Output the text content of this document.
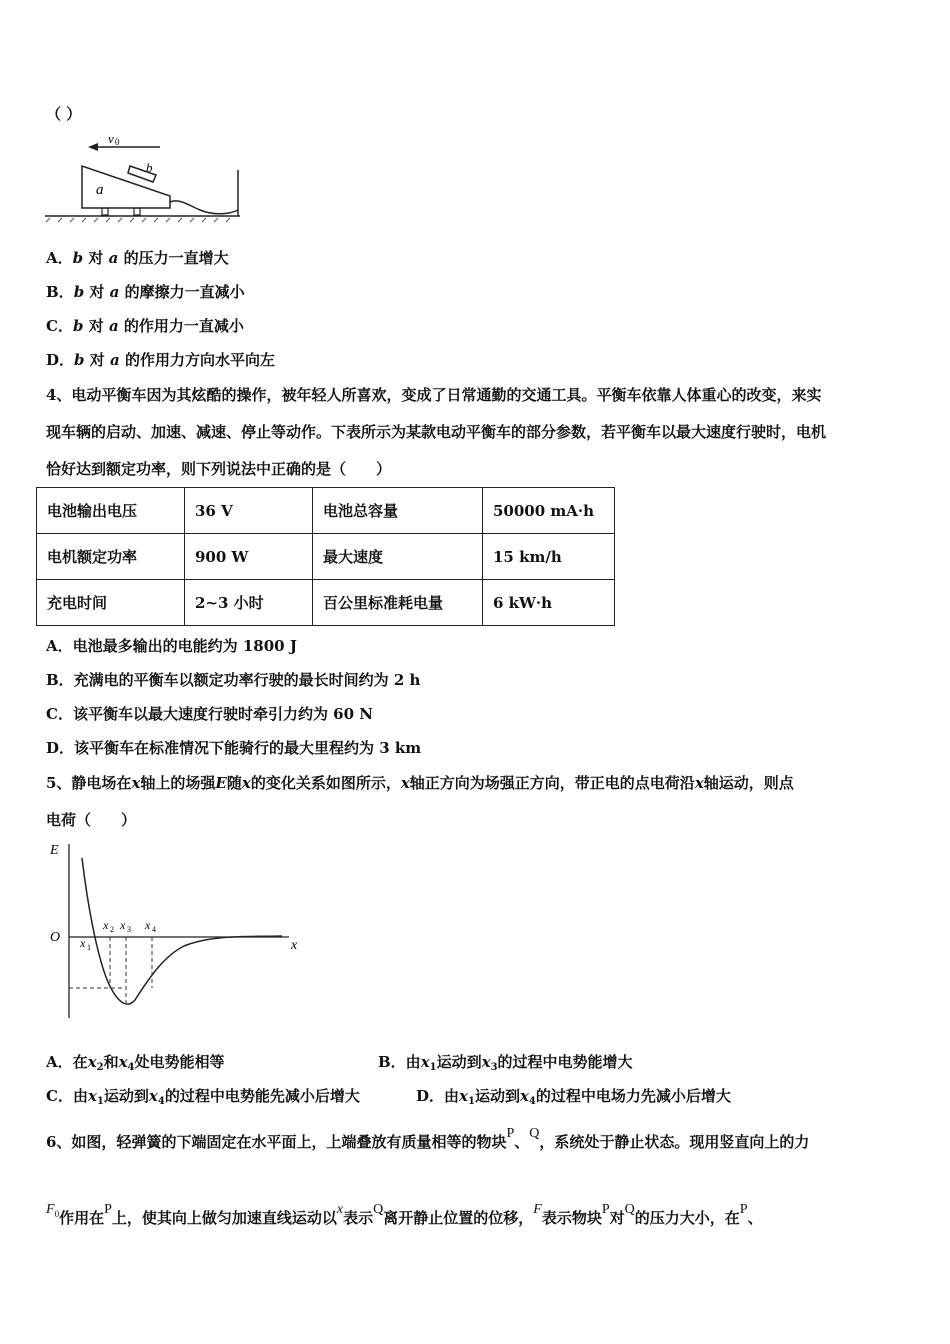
（ ）
v 0
a
b
A．b 对 a 的压力一直增大
B．b 对 a 的摩擦力一直减小
C．b 对 a 的作用力一直减小
D．b 对 a 的作用力方向水平向左
4、电动平衡车因为其炫酷的操作，被年轻人所喜欢，变成了日常通勤的交通工具。平衡车依靠人体重心的改变，来实
现车辆的启动、加速、减速、停止等动作。下表所示为某款电动平衡车的部分参数，若平衡车以最大速度行驶时，电机
恰好达到额定功率，则下列说法中正确的是（　　）
电池输出电压	36 V	电池总容量	50000 mA·h
电机额定功率	900 W	最大速度	15 km/h
充电时间	2~3 小时	百公里标准耗电量	6 kW·h
A．电池最多输出的电能约为 1800 J
B．充满电的平衡车以额定功率行驶的最长时间约为 2 h
C．该平衡车以最大速度行驶时牵引力约为 60 N
D．该平衡车在标准情况下能骑行的最大里程约为 3 km
5、静电场在x轴上的场强E随x的变化关系如图所示，x轴正方向为场强正方向，带正电的点电荷沿x轴运动，则点
电荷（　　）
E
x
O x 1
x 2 x 3 x 4
A．在$x_2$和$x_4$处电势能相等	B．由$x_1$运动到$x_3$的过程中电势能增大
C．由$x_1$运动到$x_4$的过程中电势能先减小后增大	D．由$x_1$运动到$x_4$的过程中电场力先减小后增大
6、如图，轻弹簧的下端固定在水平面上，上端叠放有质量相等的物块P、Q，系统处于静止状态。现用竖直向上的力
$F^0$作用在P上，使其向上做匀加速直线运动以x表示Q离开静止位置的位移，F表示物块P对Q的压力大小，在P、
